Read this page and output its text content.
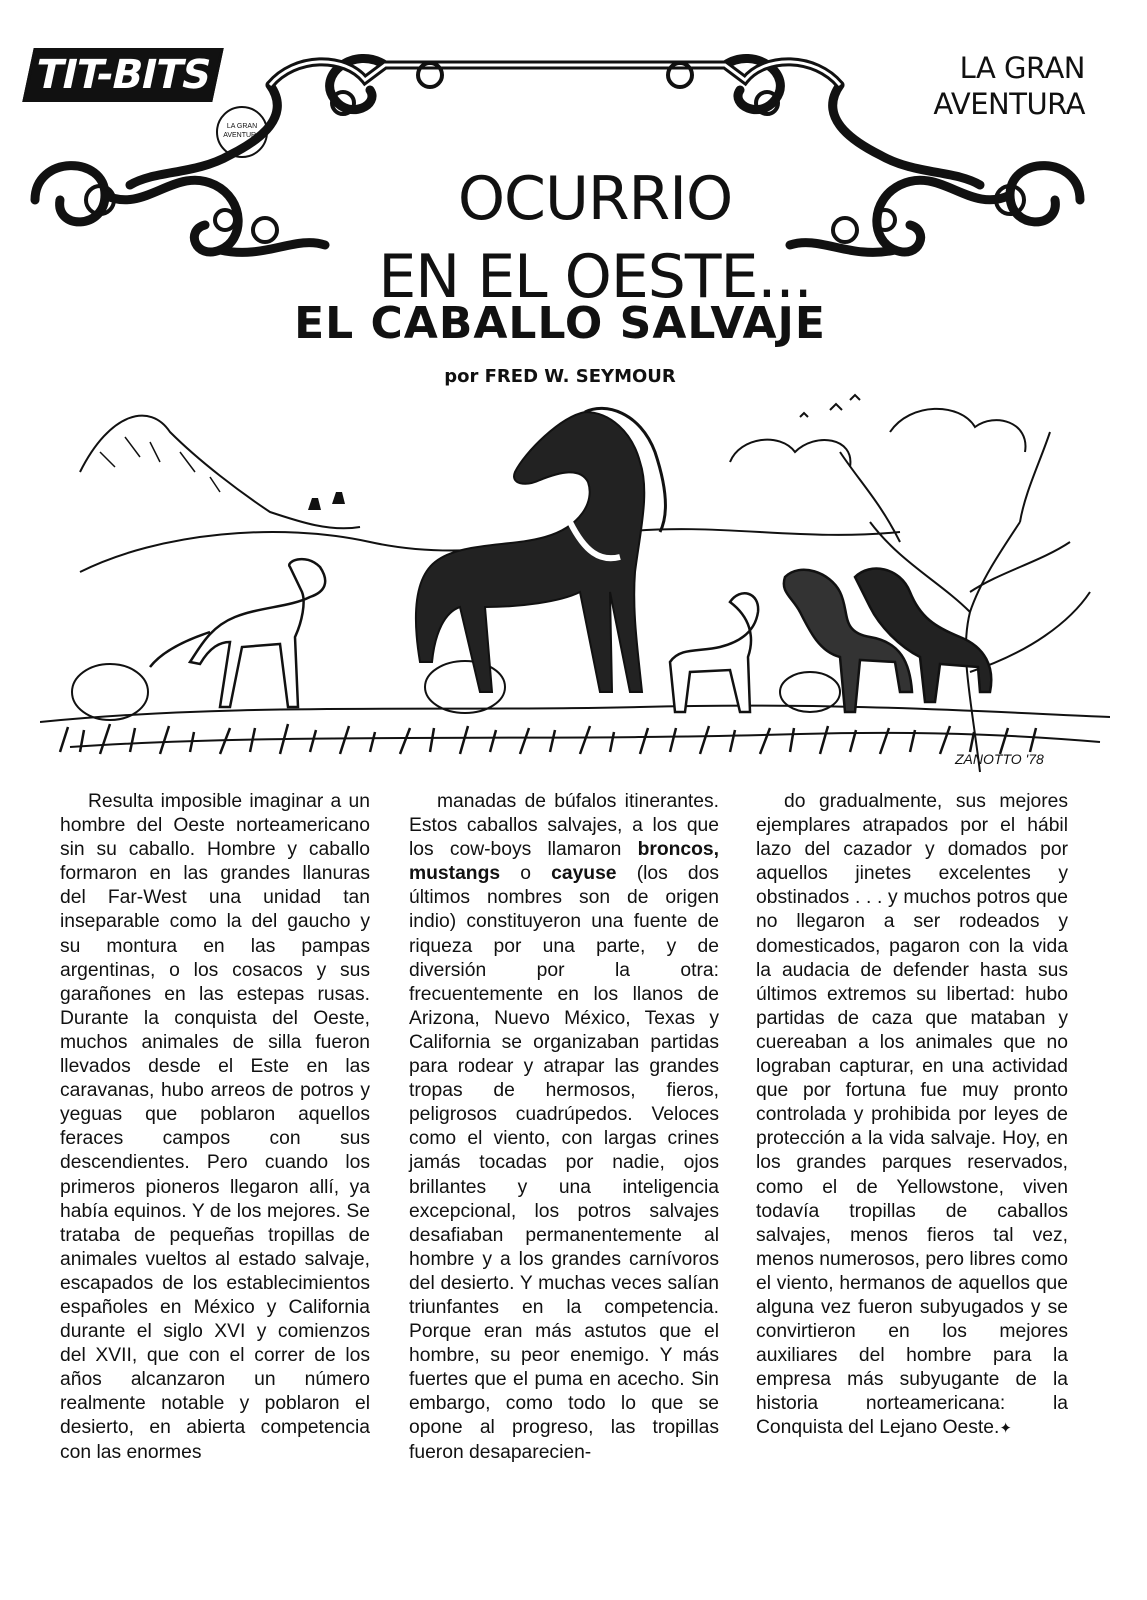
TIT-BITS
LA GRAN AVENTURA
LA GRAN
AVENTURA
OCURRIO
EN EL OESTE...
EL CABALLO SALVAJE
por FRED W. SEYMOUR
ZANOTTO '78

Resulta imposible imaginar a un hombre del Oeste norteamericano sin su caballo. Hombre y caballo formaron en las grandes llanuras del Far-West una unidad tan inseparable como la del gaucho y su montura en las pampas argentinas, o los cosacos y sus garañones en las estepas rusas. Durante la conquista del Oeste, muchos animales de silla fueron llevados desde el Este en las caravanas, hubo arreos de potros y yeguas que poblaron aquellos feraces campos con sus descendientes. Pero cuando los primeros pioneros llegaron allí, ya había equinos. Y de los mejores. Se trataba de pequeñas tropillas de animales vueltos al estado salvaje, escapados de los establecimientos españoles en México y California durante el siglo XVI y comienzos del XVII, que con el correr de los años alcanzaron un número realmente notable y poblaron el desierto, en abierta competencia con las enormes

manadas de búfalos itinerantes. Estos caballos salvajes, a los que los cow-boys llamaron broncos, mustangs o cayuse (los dos últimos nombres son de origen indio) constituyeron una fuente de riqueza por una parte, y de diversión por la otra: frecuentemente en los llanos de Arizona, Nuevo México, Texas y California se organizaban partidas para rodear y atrapar las grandes tropas de hermosos, fieros, peligrosos cuadrúpedos. Veloces como el viento, con largas crines jamás tocadas por nadie, ojos brillantes y una inteligencia excepcional, los potros salvajes desafiaban permanentemente al hombre y a los grandes carnívoros del desierto. Y muchas veces salían triunfantes en la competencia. Porque eran más astutos que el hombre, su peor enemigo. Y más fuertes que el puma en acecho. Sin embargo, como todo lo que se opone al progreso, las tropillas fueron desaparecien-

do gradualmente, sus mejores ejemplares atrapados por el hábil lazo del cazador y domados por aquellos jinetes excelentes y obstinados . . . y muchos potros que no llegaron a ser rodeados y domesticados, pagaron con la vida la audacia de defender hasta sus últimos extremos su libertad: hubo partidas de caza que mataban y cuereaban a los animales que no lograban capturar, en una actividad que por fortuna fue muy pronto controlada y prohibida por leyes de protección a la vida salvaje. Hoy, en los grandes parques reservados, como el de Yellowstone, viven todavía tropillas de caballos salvajes, menos fieros tal vez, menos numerosos, pero libres como el viento, hermanos de aquellos que alguna vez fueron subyugados y se convirtieron en los mejores auxiliares del hombre para la empresa más subyugante de la historia norteamericana: la Conquista del Lejano Oeste.✦
